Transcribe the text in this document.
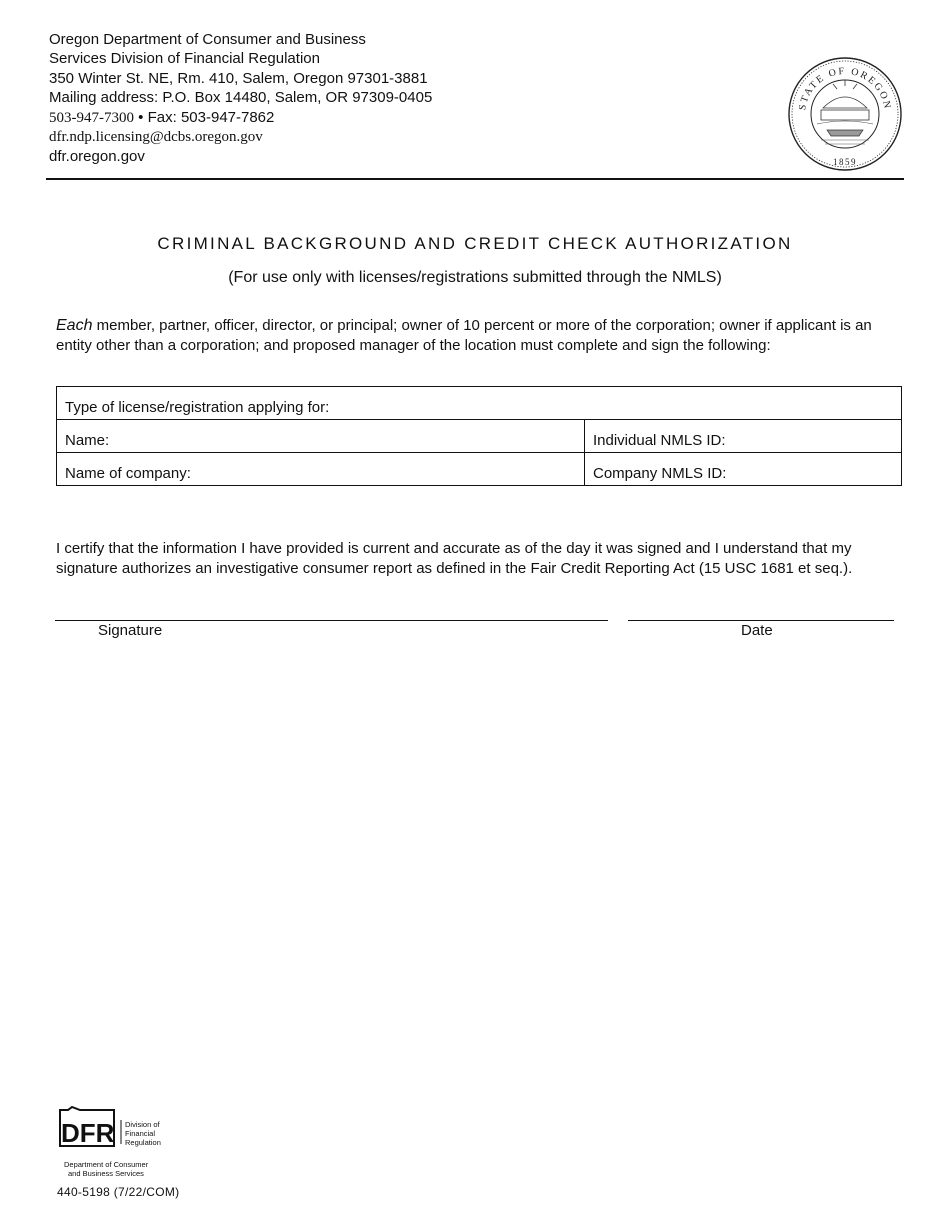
Oregon Department of Consumer and Business
Services Division of Financial Regulation
350 Winter St. NE, Rm. 410, Salem, Oregon 97301-3881
Mailing address: P.O. Box 14480, Salem, OR 97309-0405
503-947-7300 • Fax: 503-947-7862
dfr.ndp.licensing@dcbs.oregon.gov
dfr.oregon.gov
STATE OF OREGON
1859
CRIMINAL BACKGROUND AND CREDIT CHECK AUTHORIZATION
(For use only with licenses/registrations submitted through the NMLS)
Each member, partner, officer, director, or principal; owner of 10 percent or more of the corporation; owner if applicant is an entity other than a corporation; and proposed manager of the location must complete and sign the following:
Type of license/registration applying for:	
Name:	Individual NMLS ID:
Name of company:	Company NMLS ID:
I certify that the information I have provided is current and accurate as of the day it was signed and I understand that my signature authorizes an investigative consumer report as defined in the Fair Credit Reporting Act (15 USC 1681 et seq.).
Signature	Date
DFR Division of
Financial
Regulation
Department of Consumer
and Business Services
440-5198 (7/22/COM)
